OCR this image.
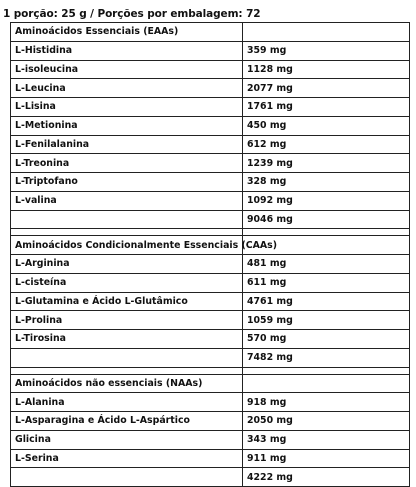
1 porção: 25 g / Porções por embalagem: 72
Aminoácidos Essenciais (EAAs)	
L-Histidina	359 mg
L-isoleucina	1128 mg
L-Leucina	2077 mg
L-Lisina	1761 mg
L-Metionina	450 mg
L-Fenilalanina	612 mg
L-Treonina	1239 mg
L-Triptofano	328 mg
L-valina	1092 mg
	9046 mg

Aminoácidos Condicionalmente Essenciais (CAAs)	
L-Arginina	481 mg
L-cisteína	611 mg
L-Glutamina e Ácido L-Glutâmico	4761 mg
L-Prolina	1059 mg
L-Tirosina	570 mg
	7482 mg

Aminoácidos não essenciais (NAAs)	
L-Alanina	918 mg
L-Asparagina e Ácido L-Aspártico	2050 mg
Glicina	343 mg
L-Serina	911 mg
	4222 mg
